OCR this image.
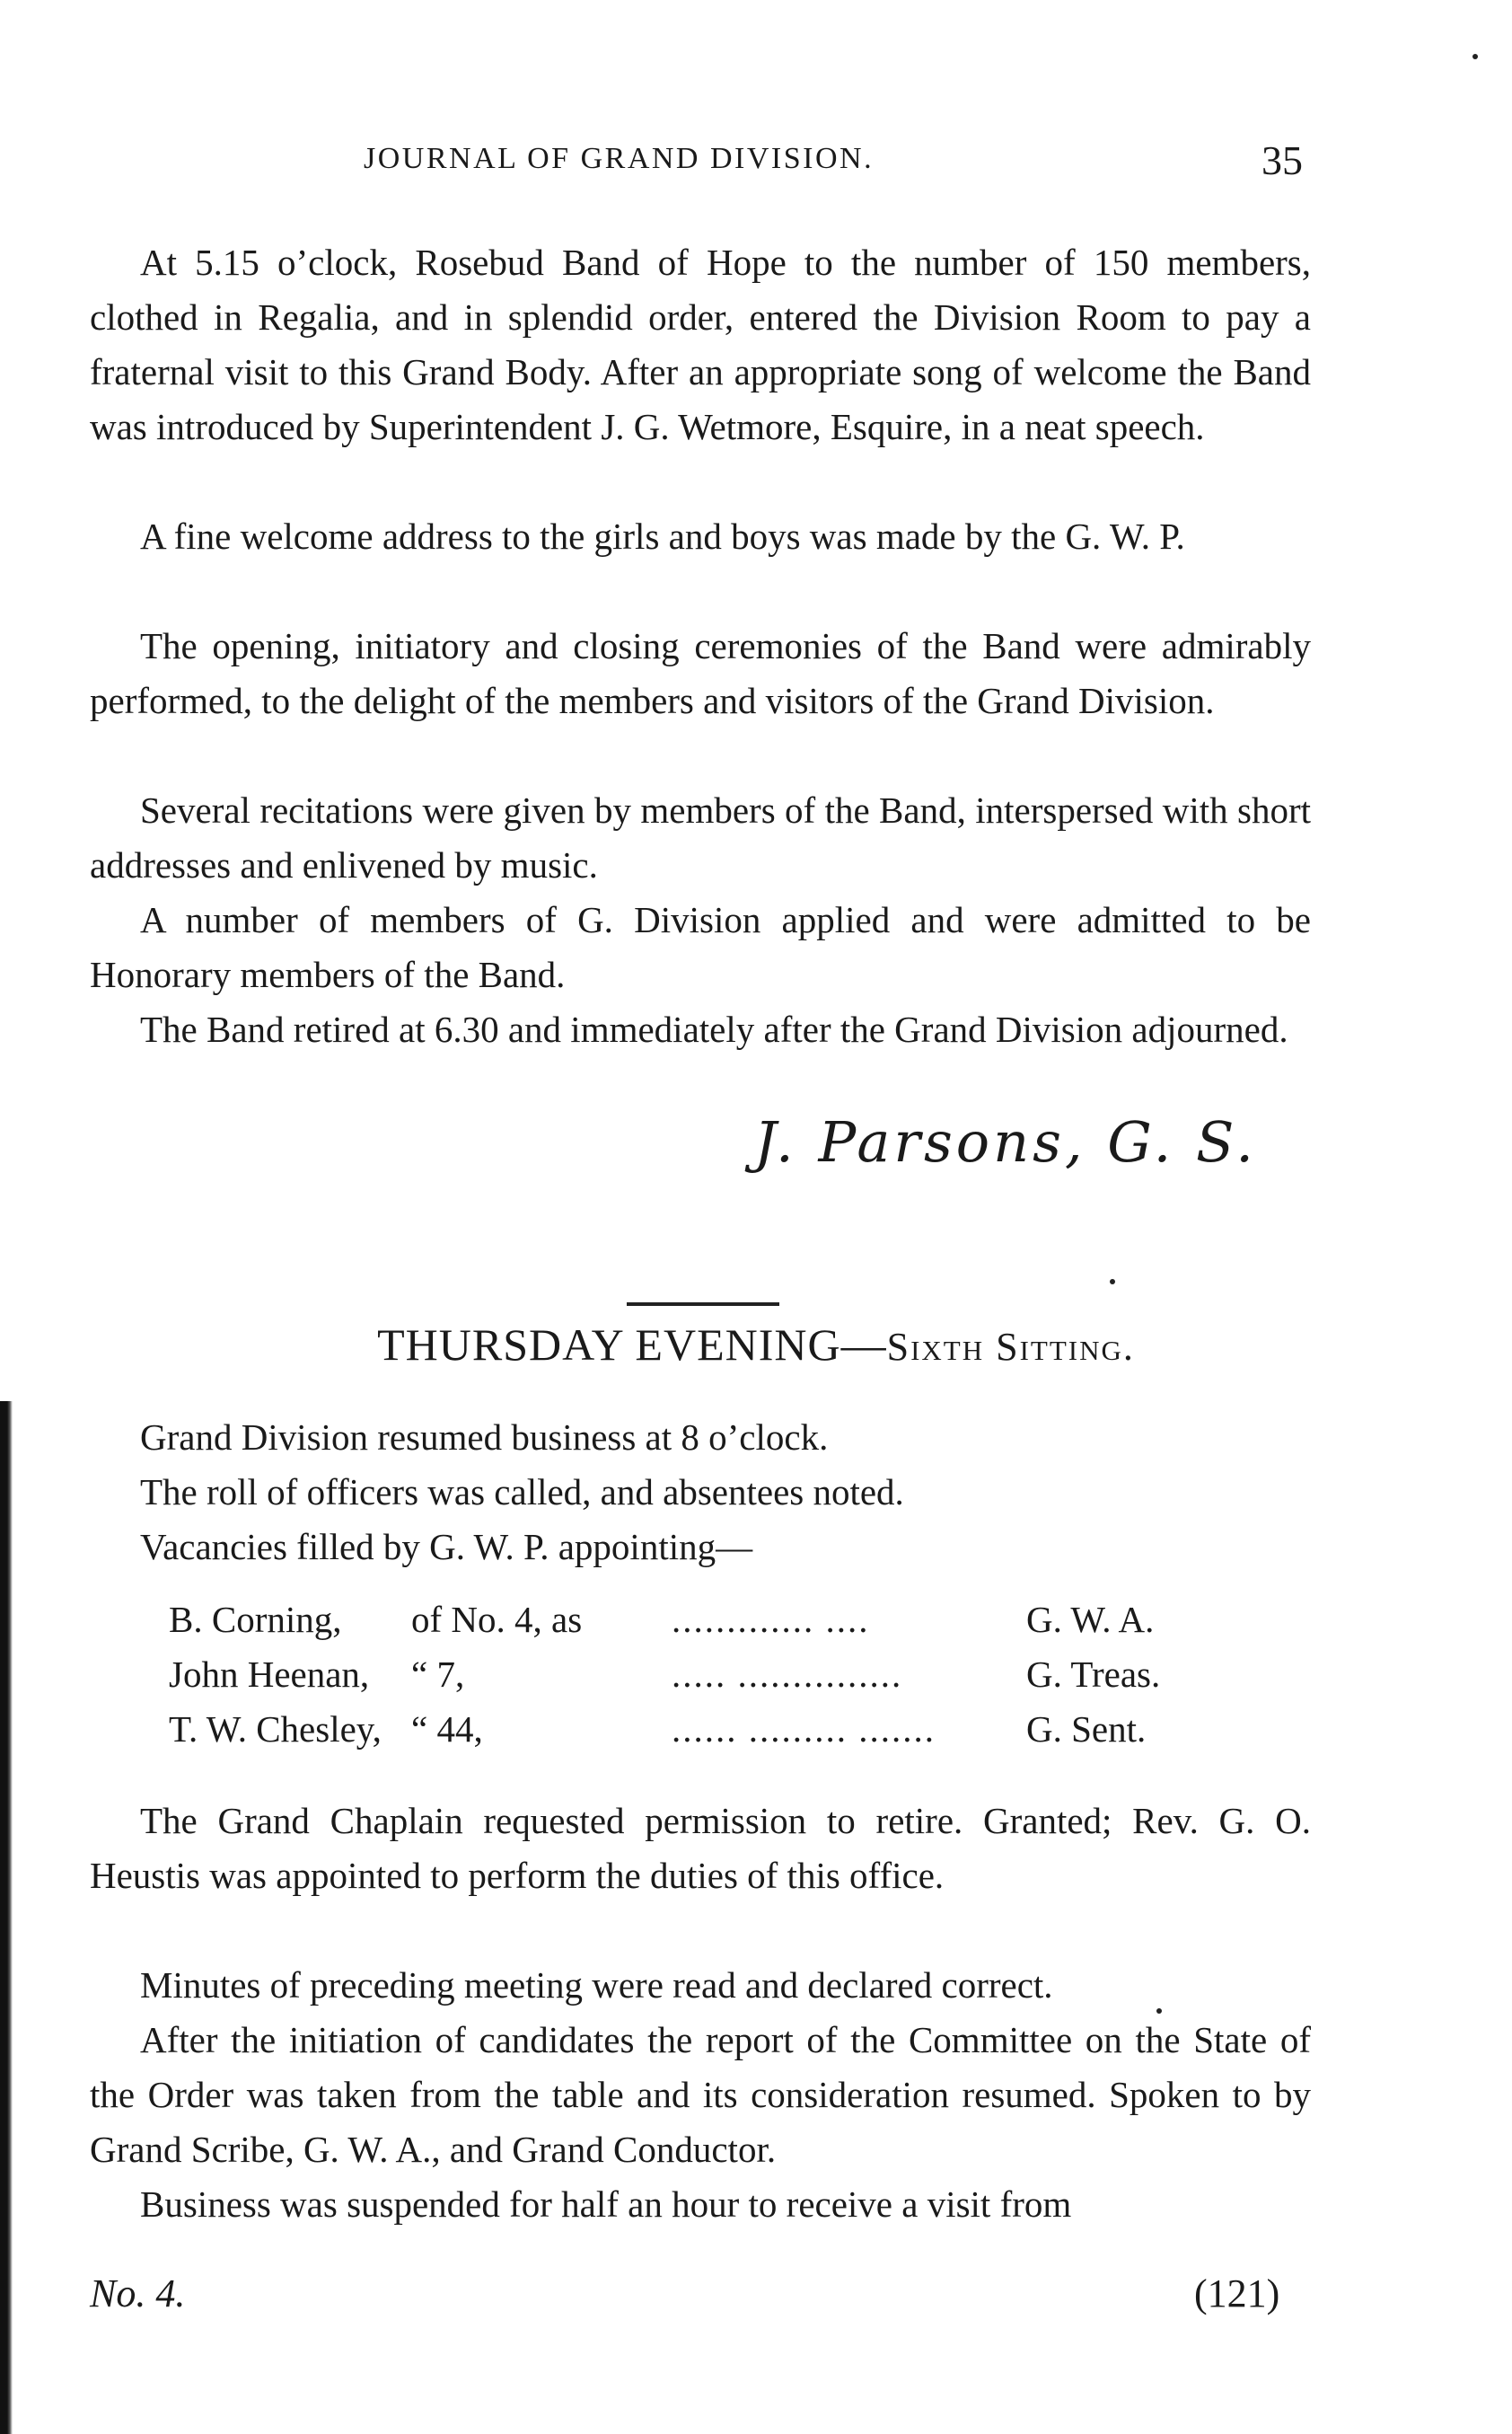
JOURNAL OF GRAND DIVISION.	35

At 5.15 o’clock, Rosebud Band of Hope to the number of 150 members, clothed in Regalia, and in splendid order, entered the Division Room to pay a fraternal visit to this Grand Body. After an appropriate song of welcome the Band was introduced by Superintendent J. G. Wetmore, Esquire, in a neat speech.

A fine welcome address to the girls and boys was made by the G. W. P.

The opening, initiatory and closing ceremonies of the Band were admirably performed, to the delight of the members and visitors of the Grand Division.

Several recitations were given by members of the Band, interspersed with short addresses and enlivened by music.

A number of members of G. Division applied and were admitted to be Honorary members of the Band.

The Band retired at 6.30 and immediately after the Grand Division adjourned.

J. Parsons, G. S.
THURSDAY EVENING—Sixth Sitting.

Grand Division resumed business at 8 o’clock.

The roll of officers was called, and absentees noted.

Vacancies filled by G. W. P. appointing—

B. Corning, of No. 4, as ............. ....	G. W. A.
John Heenan, “ 7,	..... ...............	G. Treas.
T. W. Chesley, “ 44,	...... ......... ....... G. Sent.

The Grand Chaplain requested permission to retire. Granted; Rev. G. O. Heustis was appointed to perform the duties of this office.

Minutes of preceding meeting were read and declared correct.

After the initiation of candidates the report of the Committee on the State of the Order was taken from the table and its consideration resumed. Spoken to by Grand Scribe, G. W. A., and Grand Conductor.

Business was suspended for half an hour to receive a visit from

No. 4.	(121)
